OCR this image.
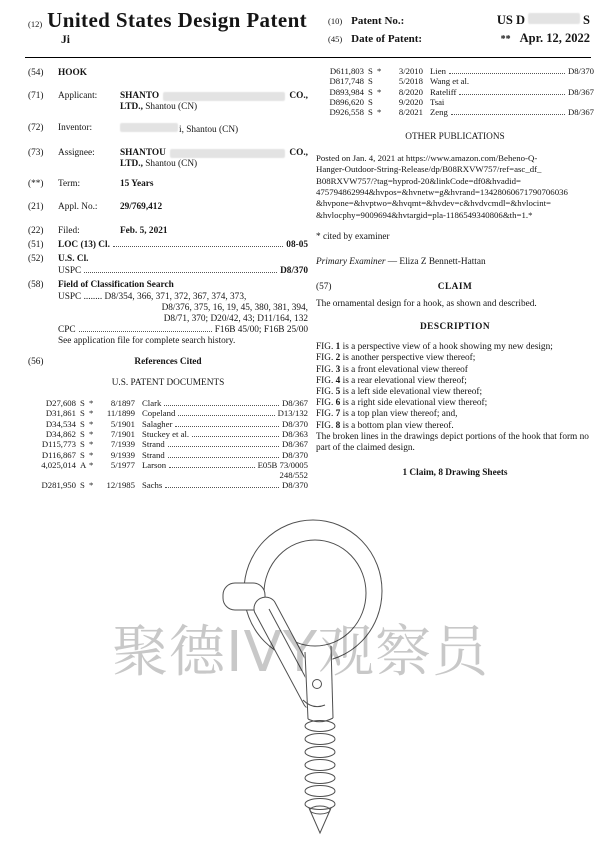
(12) United States Design Patent
Ji
(10) Patent No.:	US D	S
(45) Date of Patent:	** Apr. 12, 2022
(54)	HOOK
(71)	Applicant:	SHANTO	CO.,
LTD.,
Shantou (CN)
(72)	Inventor:	i, Shantou (CN)
(73)	Assignee:	SHANTOU	CO.,
LTD.,
Shantou (CN)
(**)	Term:	15 Years
(21)	Appl. No.:	29/769,412
(22)	Filed:	Feb. 5, 2021
(51)	LOC (13) Cl.	08-05
(52)	U.S. Cl.
USPC	D8/370
(58)	Field of Classification Search
USPC
........
D8/354, 366, 371, 372, 367, 374, 373,
D8/376, 375, 16, 19, 45, 380, 381, 394,
D8/71, 370; D20/42, 43; D11/164, 132
CPC	F16B 45/00; F16B 25/00
See application file for complete search history.
(56)	References Cited
U.S. PATENT DOCUMENTS
D27,608 S *	8/1897 Clark	D8/367
D31,861 S *	11/1899 Copeland	D13/132
D34,534 S *	5/1901 Salagher	D8/370
D34,862 S *	7/1901 Stuckey et al.	D8/363
D115,773 S *	7/1939 Strand	D8/367
D116,867 S *	9/1939 Strand	D8/370
4,025,014 A *	5/1977 Larson	E05B 73/0005
248/552
D281,950 S *	12/1985 Sachs	D8/370
D611,803 S *	3/2010 Lien	D8/370
D817,748 S	5/2018 Wang et al.
D893,984 S *	8/2020 Rateliff	D8/367
D896,620 S	9/2020 Tsai
D926,558 S *	8/2021 Zeng	D8/367
OTHER PUBLICATIONS
Posted on Jan. 4, 2021 at https://www.amazon.com/Beheno-Q-
Hanger-Outdoor-String-Release/dp/B08RXVW757/ref=asc_df_
B08RXVW757/?tag=hyprod-20&linkCode=df0&hvadid=
475794862994&hvpos=&hvnetw=g&hvrand=13428060671790706036
&hvpone=&hvptwo=&hvqmt=&hvdev=c&hvdvcmdl=&hvlocint=
&hvlocphy=9009694&hvtargid=pla-1186549340806&th=1.*
* cited by examiner
Primary Examiner — Eliza Z Bennett-Hattan
(57)	CLAIM
The ornamental design for a hook, as shown and described.
DESCRIPTION
FIG. 1 is a perspective view of a hook showing my new design;
FIG. 2 is another perspective view thereof;
FIG. 3 is a front elevational view thereof
FIG. 4 is a rear elevational view thereof;
FIG. 5 is a left side elevational view thereof;
FIG. 6 is a right side elevational view thereof;
FIG. 7 is a top plan view thereof; and,
FIG. 8 is a bottom plan view thereof.
The broken lines in the drawings depict portions of the hook that form no part of the claimed design.
1 Claim, 8 Drawing Sheets
聚德IVY观察员
